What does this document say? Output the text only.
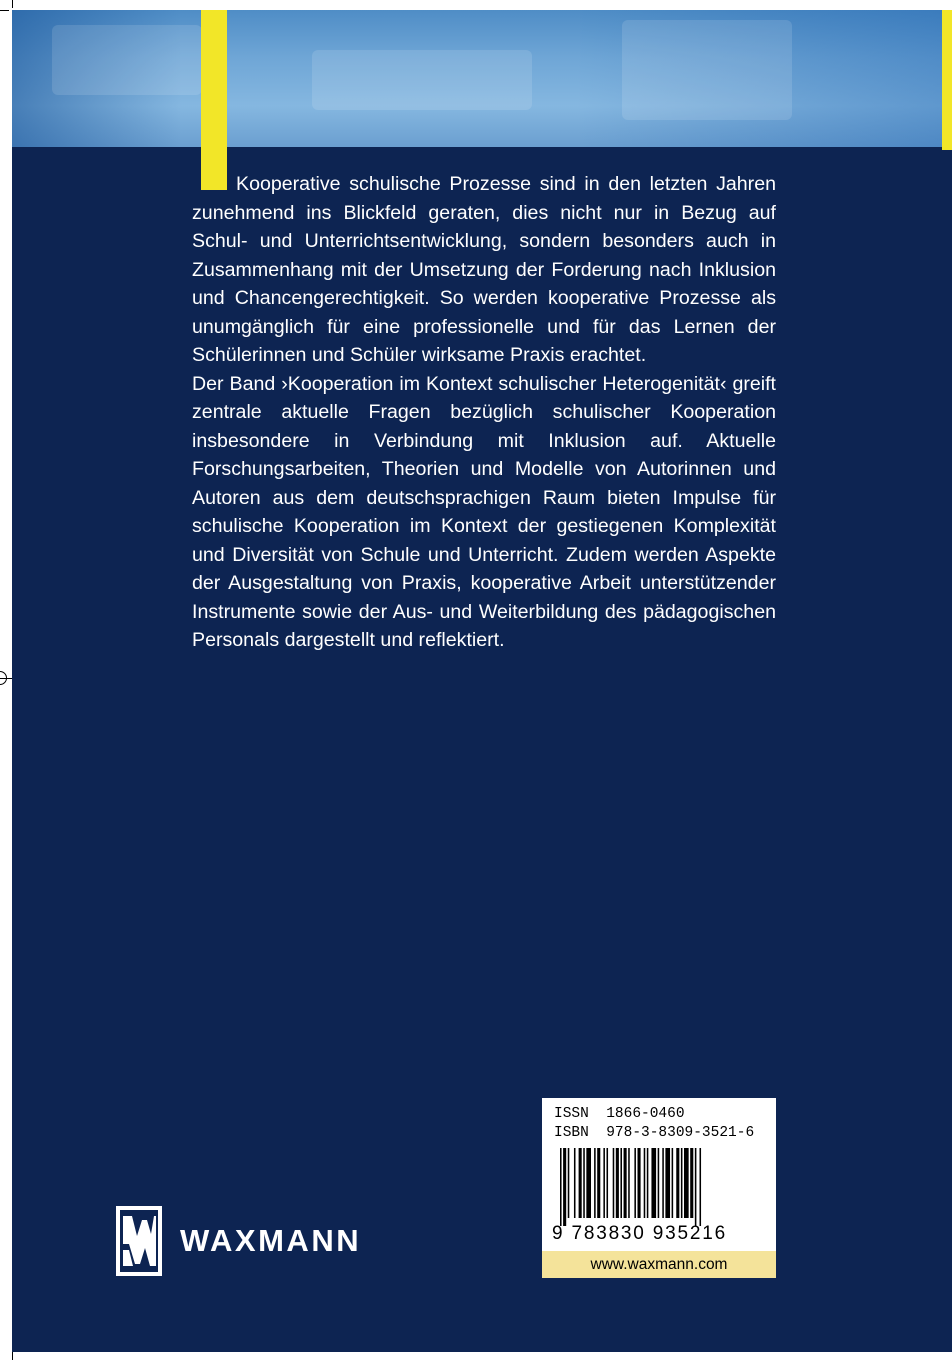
Kooperative schulische Prozesse sind in den letzten Jahren zunehmend ins Blickfeld geraten, dies nicht nur in Bezug auf Schul- und Unterrichtsentwicklung, sondern besonders auch in Zusammenhang mit der Umsetzung der Forderung nach Inklusion und Chancengerechtigkeit. So werden kooperative Prozesse als unumgänglich für eine professionelle und für das Lernen der Schülerinnen und Schüler wirksame Praxis erachtet.

Der Band ›Kooperation im Kontext schulischer Heterogenität‹ greift zentrale aktuelle Fragen bezüglich schulischer Kooperation insbesondere in Verbindung mit Inklusion auf. Aktuelle Forschungsarbeiten, Theorien und Modelle von Autorinnen und Autoren aus dem deutschsprachigen Raum bieten Impulse für schulische Kooperation im Kontext der gestiegenen Komplexität und Diversität von Schule und Unterricht. Zudem werden Aspekte der Ausgestaltung von Praxis, kooperative Arbeit unterstützender Instrumente sowie der Aus- und Weiterbildung des pädagogischen Personals dargestellt und reflektiert.

WAXMANN
ISSN 1866-0460
ISBN 978-3-8309-3521-6
9 783830 935216
www.waxmann.com
